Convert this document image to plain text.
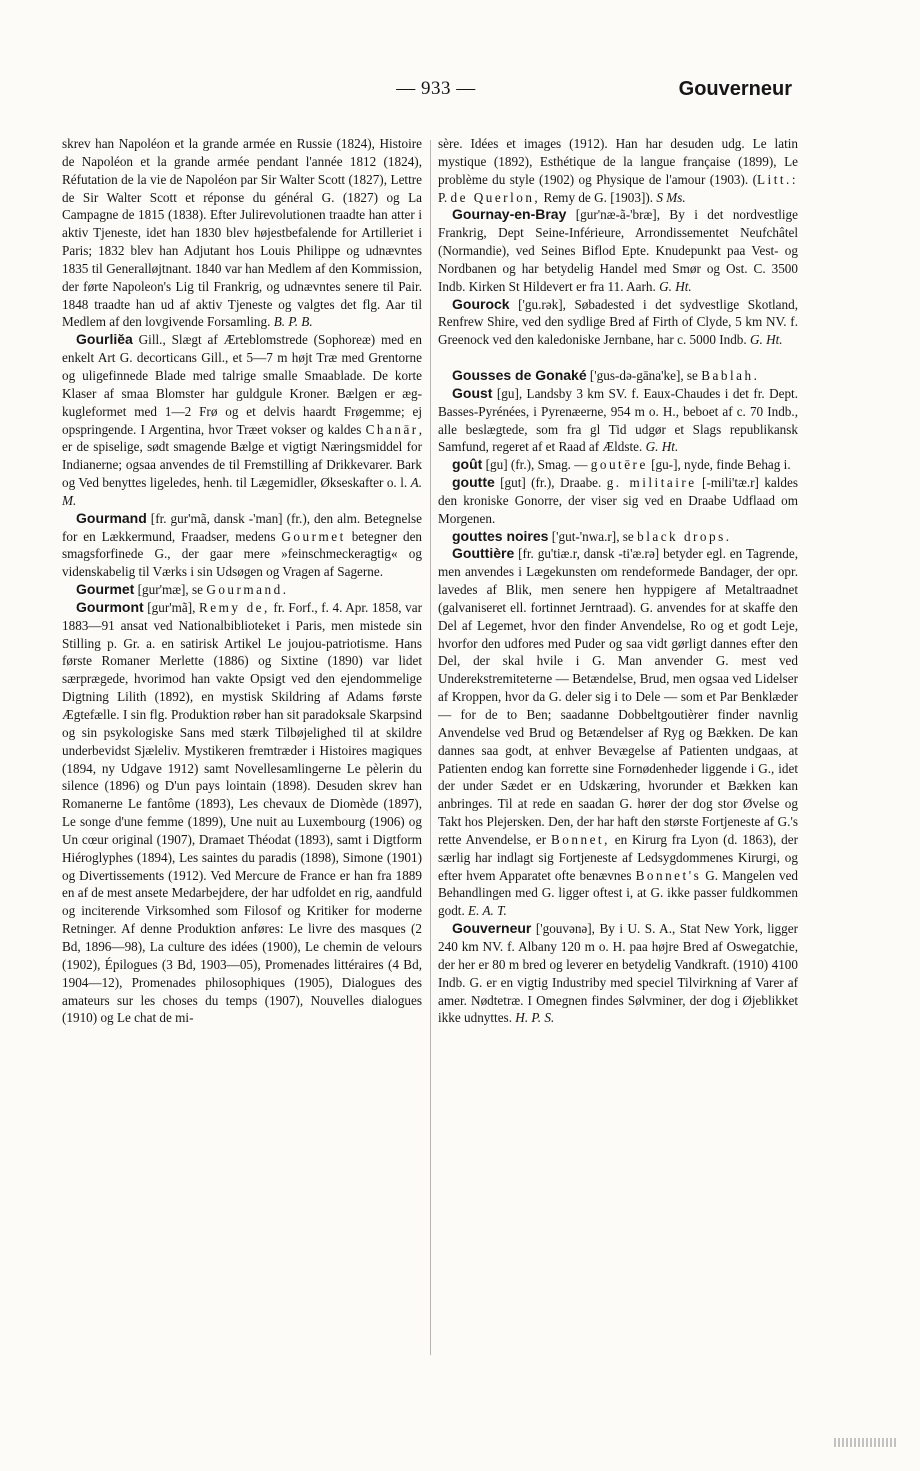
— 933 —	Gouverneur

skrev han Napoléon et la grande armée en Russie (1824), Histoire de Napoléon et la grande armée pendant l'année 1812 (1824), Réfutation de la vie de Napoléon par Sir Walter Scott (1827), Lettre de Sir Walter Scott et réponse du général G. (1827) og La Campagne de 1815 (1838). Efter Julirevolutionen traadte han atter i aktiv Tjeneste, idet han 1830 blev højestbefalende for Artilleriet i Paris; 1832 blev han Adjutant hos Louis Philippe og udnævntes 1835 til Generalløjtnant. 1840 var han Medlem af den Kommission, der førte Napoleon's Lig til Frankrig, og udnævntes senere til Pair. 1848 traadte han ud af aktiv Tjeneste og valgtes det flg. Aar til Medlem af den lovgivende Forsamling. B. P. B.

Gourliĕa Gill., Slægt af Ærteblomstrede (Sophoreæ) med en enkelt Art G. decorticans Gill., et 5—7 m højt Træ med Grentorne og uligefinnede Blade med talrige smalle Smaablade. De korte Klaser af smaa Blomster har guldgule Kroner. Bælgen er æg-kugleformet med 1—2 Frø og et delvis haardt Frøgemme; ej opspringende. I Argentina, hvor Træet vokser og kaldes Chanār, er de spiselige, sødt smagende Bælge et vigtigt Næringsmiddel for Indianerne; ogsaa anvendes de til Fremstilling af Drikkevarer. Bark og Ved benyttes ligeledes, henh. til Lægemidler, Økseskafter o. l. A. M.

Gourmand [fr. gur'mã, dansk -'man] (fr.), den alm. Betegnelse for en Lækkermund, Fraadser, medens Gourmet betegner den smagsforfinede G., der gaar mere »feinschmeckeragtig« og videnskabelig til Værks i sin Udsøgen og Vragen af Sagerne.

Gourmet [gur'mæ], se Gourmand.

Gourmont [gur'mã], Remy de, fr. Forf., f. 4. Apr. 1858, var 1883—91 ansat ved Nationalbiblioteket i Paris, men mistede sin Stilling p. Gr. a. en satirisk Artikel Le joujou-patriotisme. Hans første Romaner Merlette (1886) og Sixtine (1890) var lidet særprægede, hvorimod han vakte Opsigt ved den ejendommelige Digtning Lilith (1892), en mystisk Skildring af Adams første Ægtefælle. I sin flg. Produktion røber han sit paradoksale Skarpsind og sin psykologiske Sans med stærk Tilbøjelighed til at skildre underbevidst Sjæleliv. Mystikeren fremtræder i Histoires magiques (1894, ny Udgave 1912) samt Novellesamlingerne Le pèlerin du silence (1896) og D'un pays lointain (1898). Desuden skrev han Romanerne Le fantôme (1893), Les chevaux de Diomède (1897), Le songe d'une femme (1899), Une nuit au Luxembourg (1906) og Un cœur original (1907), Dramaet Théodat (1893), samt i Digtform Hiéroglyphes (1894), Les saintes du paradis (1898), Simone (1901) og Divertissements (1912). Ved Mercure de France er han fra 1889 en af de mest ansete Medarbejdere, der har udfoldet en rig, aandfuld og inciterende Virksomhed som Filosof og Kritiker for moderne Retninger. Af denne Produktion anføres: Le livre des masques (2 Bd, 1896—98), La culture des idées (1900), Le chemin de velours (1902), Épilogues (3 Bd, 1903—05), Promenades littéraires (4 Bd, 1904—12), Promenades philosophiques (1905), Dialogues des amateurs sur les choses du temps (1907), Nouvelles dialogues (1910) og Le chat de mi-

sère. Idées et images (1912). Han har desuden udg. Le latin mystique (1892), Esthétique de la langue française (1899), Le problème du style (1902) og Physique de l'amour (1903). (Litt.: P. de Querlon, Remy de G. [1903]). S Ms.

Gournay-en-Bray [gur'næ-ã-'bræ], By i det nordvestlige Frankrig, Dept Seine-Inférieure, Arrondissementet Neufchâtel (Normandie), ved Seines Biflod Epte. Knudepunkt paa Vest- og Nordbanen og har betydelig Handel med Smør og Ost. C. 3500 Indb. Kirken St Hildevert er fra 11. Aarh. G. Ht.

Gourock ['gu.rək], Søbadested i det sydvestlige Skotland, Renfrew Shire, ved den sydlige Bred af Firth of Clyde, 5 km NV. f. Greenock ved den kaledoniske Jernbane, har c. 5000 Indb. G. Ht.

Gousses de Gonaké ['gus-də-gāna'ke], se Bablah.

Goust [gu], Landsby 3 km SV. f. Eaux-Chaudes i det fr. Dept. Basses-Pyrénées, i Pyrenæerne, 954 m o. H., beboet af c. 70 Indb., alle beslægtede, som fra gl Tid udgør et Slags republikansk Samfund, regeret af et Raad af Ældste. G. Ht.

goût [gu] (fr.), Smag. — goutēre [gu-], nyde, finde Behag i.

goutte [gut] (fr.), Draabe. g. militaire [-mili'tæ.r] kaldes den kroniske Gonorre, der viser sig ved en Draabe Udflaad om Morgenen.

gouttes noires ['gut-'nwa.r], se black drops.

Gouttière [fr. gu'tiæ.r, dansk -ti'æ.rə] betyder egl. en Tagrende, men anvendes i Lægekunsten om rendeformede Bandager, der opr. lavedes af Blik, men senere hen hyppigere af Metaltraadnet (galvaniseret ell. fortinnet Jerntraad). G. anvendes for at skaffe den Del af Legemet, hvor den finder Anvendelse, Ro og et godt Leje, hvorfor den udfores med Puder og saa vidt gørligt dannes efter den Del, der skal hvile i G. Man anvender G. mest ved Underekstremiteterne — Betændelse, Brud, men ogsaa ved Lidelser af Kroppen, hvor da G. deler sig i to Dele — som et Par Benklæder — for de to Ben; saadanne Dobbeltgoutièrer finder navnlig Anvendelse ved Brud og Betændelser af Ryg og Bækken. De kan dannes saa godt, at enhver Bevægelse af Patienten undgaas, at Patienten endog kan forrette sine Fornødenheder liggende i G., idet der under Sædet er en Udskæring, hvorunder et Bækken kan anbringes. Til at rede en saadan G. hører der dog stor Øvelse og Takt hos Plejersken. Den, der har haft den største Fortjeneste af G.'s rette Anvendelse, er Bonnet, en Kirurg fra Lyon (d. 1863), der særlig har indlagt sig Fortjeneste af Ledsygdommenes Kirurgi, og efter hvem Apparatet ofte benævnes Bonnet's G. Mangelen ved Behandlingen med G. ligger oftest i, at G. ikke passer fuldkommen godt. E. A. T.

Gouverneur ['gouvənə], By i U. S. A., Stat New York, ligger 240 km NV. f. Albany 120 m o. H. paa højre Bred af Oswegatchie, der her er 80 m bred og leverer en betydelig Vandkraft. (1910) 4100 Indb. G. er en vigtig Industriby med speciel Tilvirkning af Varer af amer. Nødtetræ. I Omegnen findes Sølvminer, der dog i Øjeblikket ikke udnyttes. H. P. S.
